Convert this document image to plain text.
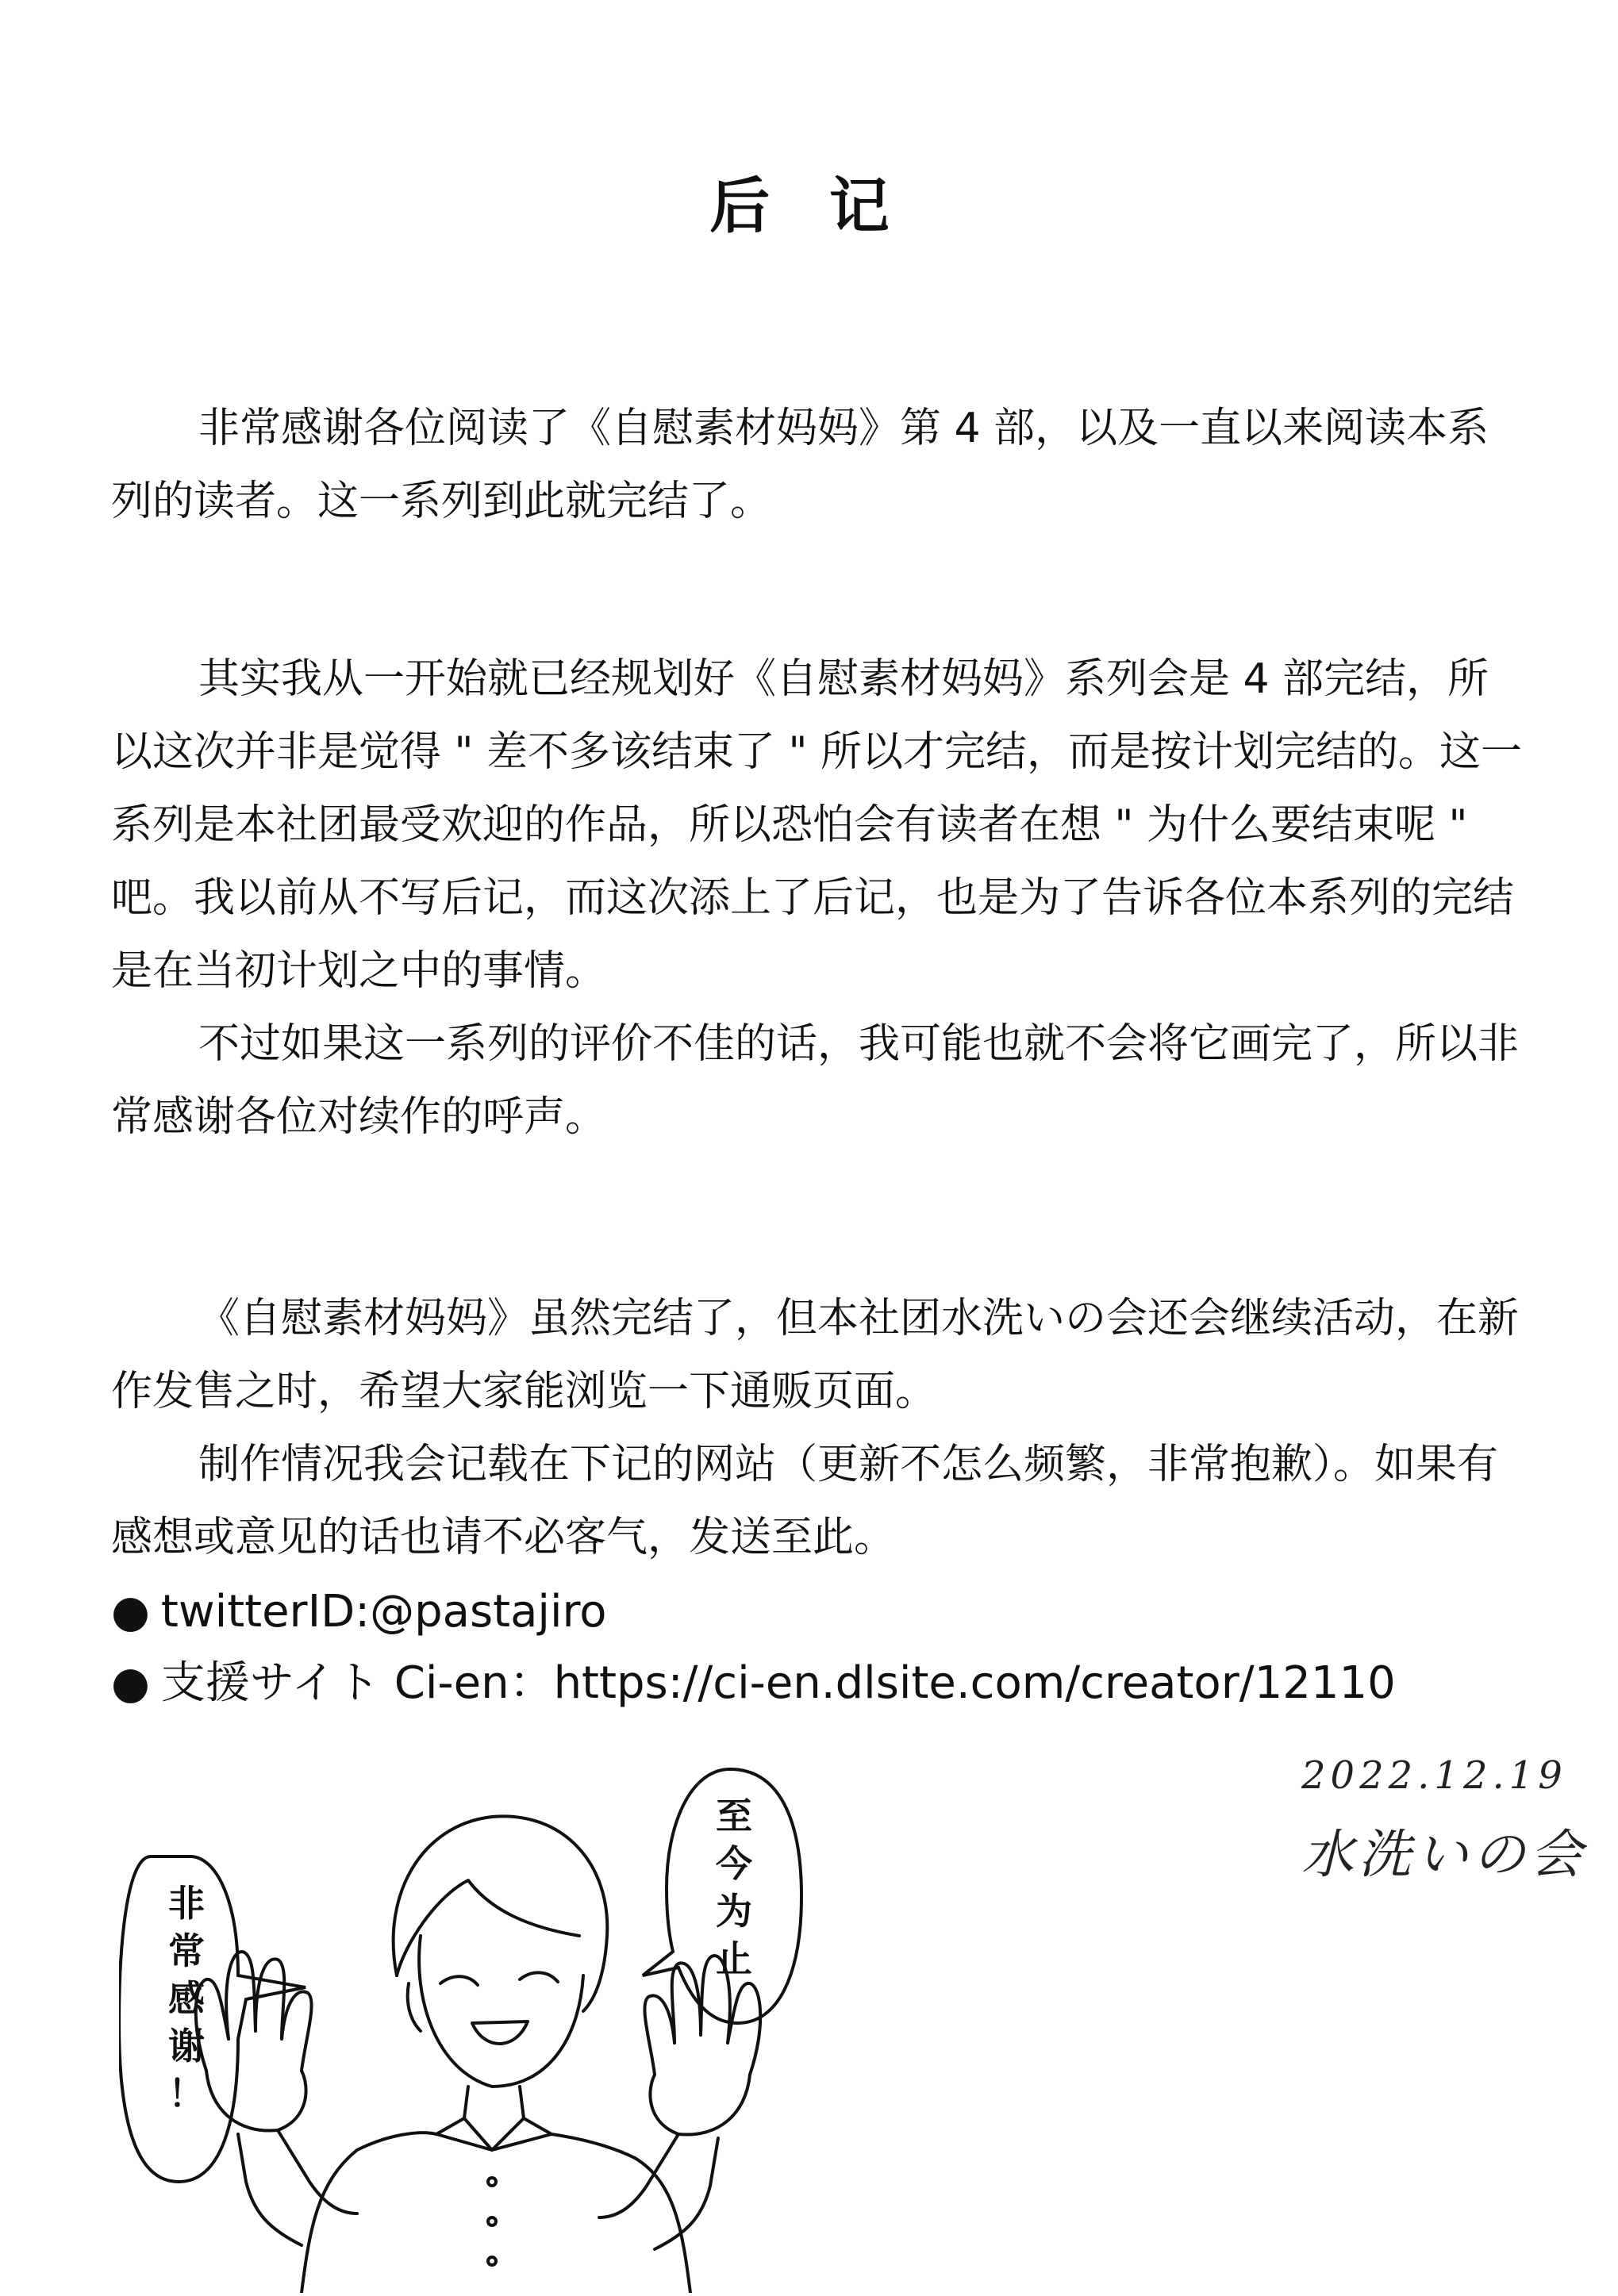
后 记

非常感谢各位阅读了《自慰素材妈妈》第 4 部，以及一直以来阅读本系列的读者。这一系列到此就完结了。

其实我从一开始就已经规划好《自慰素材妈妈》系列会是 4 部完结，所以这次并非是觉得 " 差不多该结束了 " 所以才完结，而是按计划完结的。这一系列是本社团最受欢迎的作品，所以恐怕会有读者在想 " 为什么要结束呢 " 吧。我以前从不写后记，而这次添上了后记，也是为了告诉各位本系列的完结是在当初计划之中的事情。

不过如果这一系列的评价不佳的话，我可能也就不会将它画完了，所以非常感谢各位对续作的呼声。

《自慰素材妈妈》虽然完结了，但本社团水洗いの会还会继续活动，在新作发售之时，希望大家能浏览一下通贩页面。

制作情况我会记载在下记的网站（更新不怎么频繁，非常抱歉）。如果有感想或意见的话也请不必客气，发送至此。

● twitterID:@pastajiro
● 支援サイト Ci-en：https://ci-en.dlsite.com/creator/12110
2022.12.19
水洗いの会
非
常
感
谢
！
至
今
为
止
